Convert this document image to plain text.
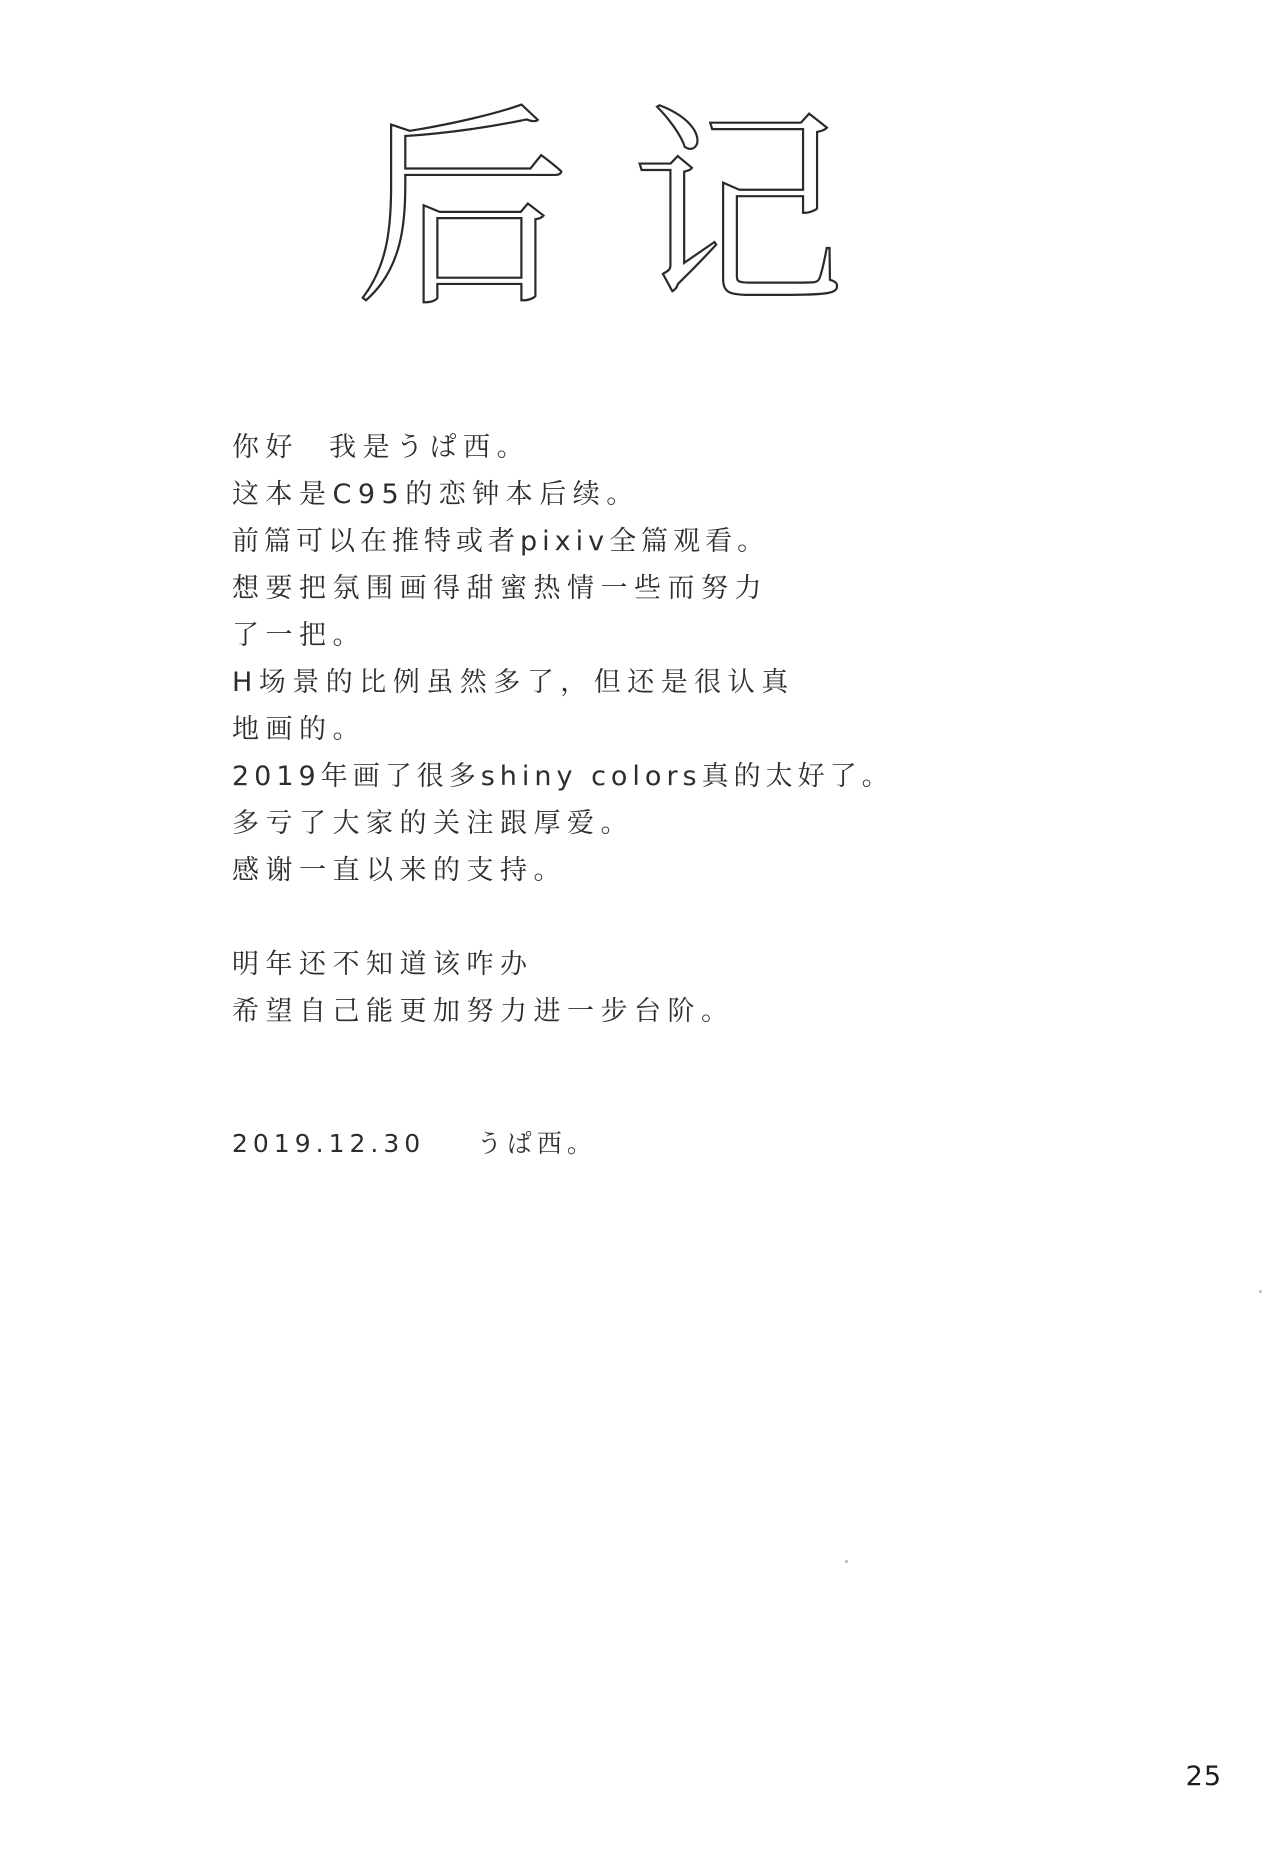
后记
你好  我是うぱ西。
这本是C95的恋钟本后续。
前篇可以在推特或者pixiv全篇观看。
想要把氛围画得甜蜜热情一些而努力
了一把。
H场景的比例虽然多了，但还是很认真
地画的。
2019年画了很多shiny colors真的太好了。
多亏了大家的关注跟厚爱。
感谢一直以来的支持。
明年还不知道该咋办
希望自己能更加努力进一步台阶。
2019.12.30    うぱ西。
25
